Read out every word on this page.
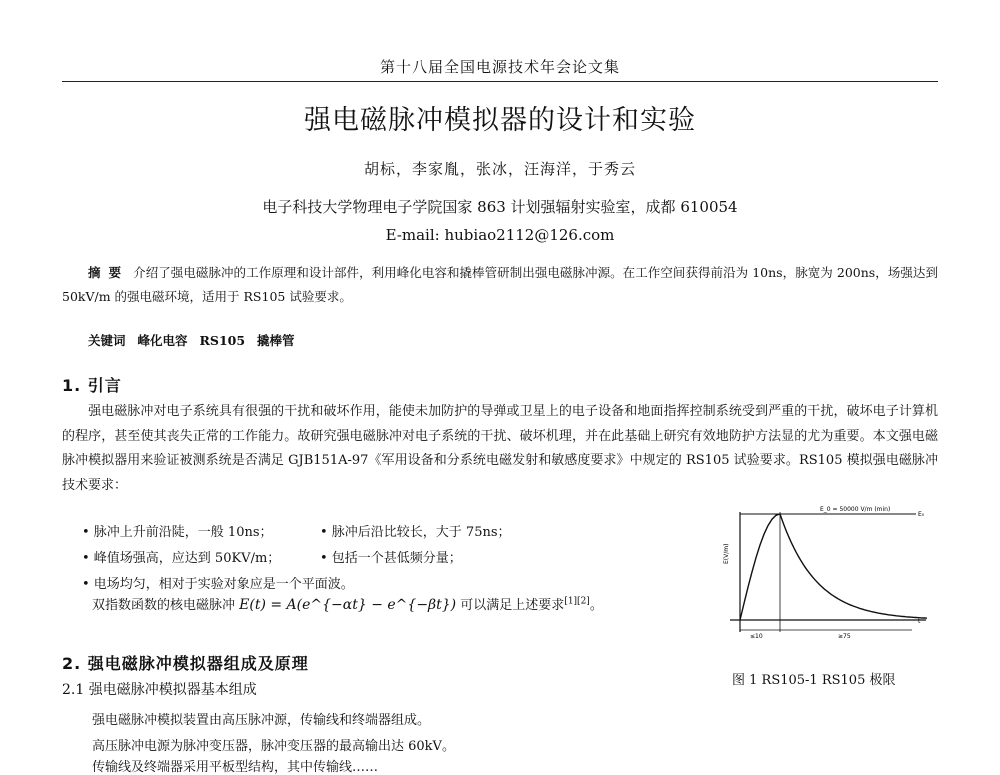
第十八届全国电源技术年会论文集
强电磁脉冲模拟器的设计和实验
胡标，李家胤，张冰，汪海洋，于秀云
电子科技大学物理电子学院国家 863 计划强辐射实验室，成都 610054
E-mail: hubiao2112@126.com
摘要 介绍了强电磁脉冲的工作原理和设计部件，利用峰化电容和撬棒管研制出强电磁脉冲源。在工作空间获得前沿为 10ns，脉宽为 200ns，场强达到 50kV/m 的强电磁环境，适用于 RS105 试验要求。
关键词 峰化电容 RS105 撬棒管
1. 引言
强电磁脉冲对电子系统具有很强的干扰和破坏作用，能使未加防护的导弹或卫星上的电子设备和地面指挥控制系统受到严重的干扰，破坏电子计算机的程序，甚至使其丧失正常的工作能力。故研究强电磁脉冲对电子系统的干扰、破坏机理，并在此基础上研究有效地防护方法显的尤为重要。本文强电磁脉冲模拟器用来验证被测系统是否满足 GJB151A-97《军用设备和分系统电磁发射和敏感度要求》中规定的 RS105 试验要求。RS105 模拟强电磁脉冲技术要求：
• 脉冲上升前沿陡，一般 10ns；	• 脉冲后沿比较长，大于 75ns；
• 峰值场强高，应达到 50KV/m；	• 包括一个甚低频分量；
• 电场均匀，相对于实验对象应是一个平面波。
双指数函数的核电磁脉冲 E(t) = A(e^{−αt} − e^{−βt}) 可以满足上述要求[1][2]。
E_0 = 50000 V/m (min)
E₀
E(V/m)
≤10	≥75
t
图 1 RS105-1 RS105 极限
2. 强电磁脉冲模拟器组成及原理
2.1 强电磁脉冲模拟器基本组成
强电磁脉冲模拟装置由高压脉冲源，传输线和终端器组成。
高压脉冲电源为脉冲变压器，脉冲变压器的最高输出达 60kV。
传输线及终端器采用平板型结构，其中传输线……
